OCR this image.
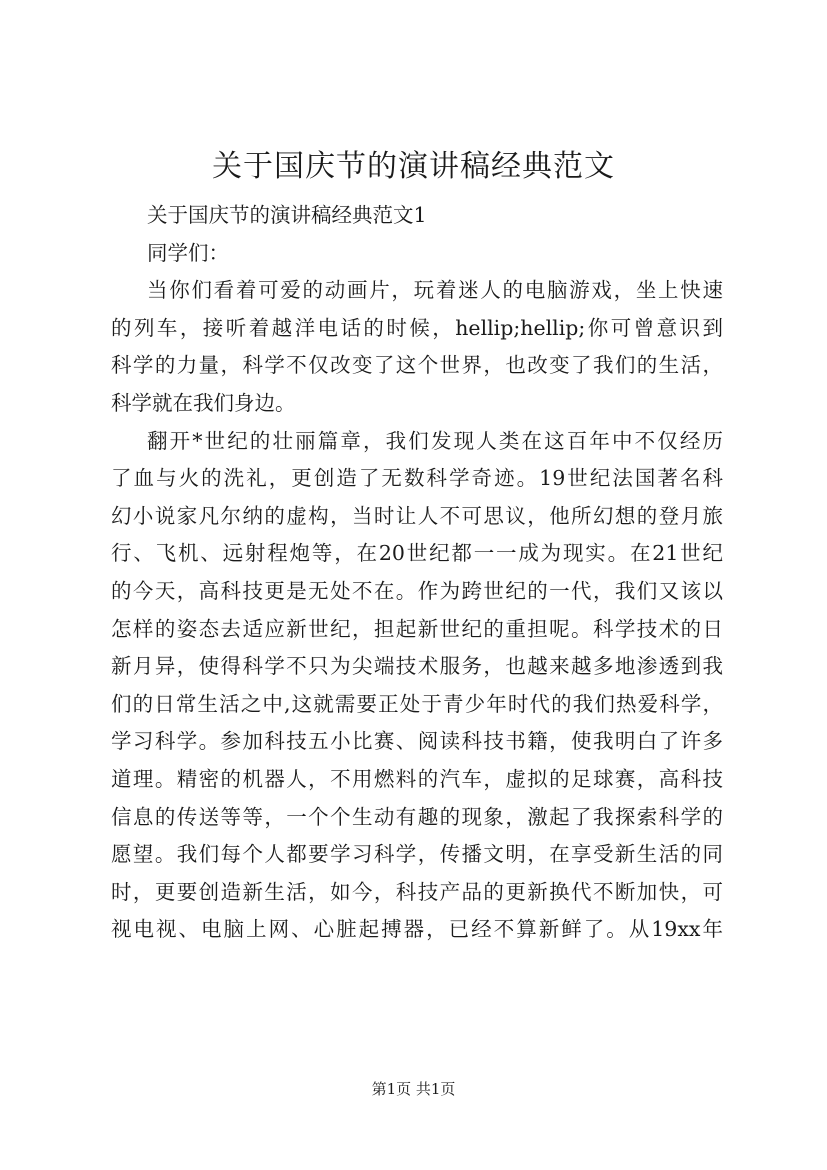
关于国庆节的演讲稿经典范文
关于国庆节的演讲稿经典范文1
同学们：
当你们看着可爱的动画片，玩着迷人的电脑游戏，坐上快速
的列车，接听着越洋电话的时候，hellip;hellip;你可曾意识到
科学的力量，科学不仅改变了这个世界，也改变了我们的生活，
科学就在我们身边。
翻开*世纪的壮丽篇章，我们发现人类在这百年中不仅经历
了血与火的洗礼，更创造了无数科学奇迹。19世纪法国著名科
幻小说家凡尔纳的虚构，当时让人不可思议，他所幻想的登月旅
行、飞机、远射程炮等，在20世纪都一一成为现实。在21世纪
的今天，高科技更是无处不在。作为跨世纪的一代，我们又该以
怎样的姿态去适应新世纪，担起新世纪的重担呢。科学技术的日
新月异，使得科学不只为尖端技术服务，也越来越多地渗透到我
们的日常生活之中,这就需要正处于青少年时代的我们热爱科学，
学习科学。参加科技五小比赛、阅读科技书籍，使我明白了许多
道理。精密的机器人，不用燃料的汽车，虚拟的足球赛，高科技
信息的传送等等，一个个生动有趣的现象，激起了我探索科学的
愿望。我们每个人都要学习科学，传播文明，在享受新生活的同
时，更要创造新生活，如今，科技产品的更新换代不断加快，可
视电视、电脑上网、心脏起搏器，已经不算新鲜了。从19xx年
第1页 共1页
